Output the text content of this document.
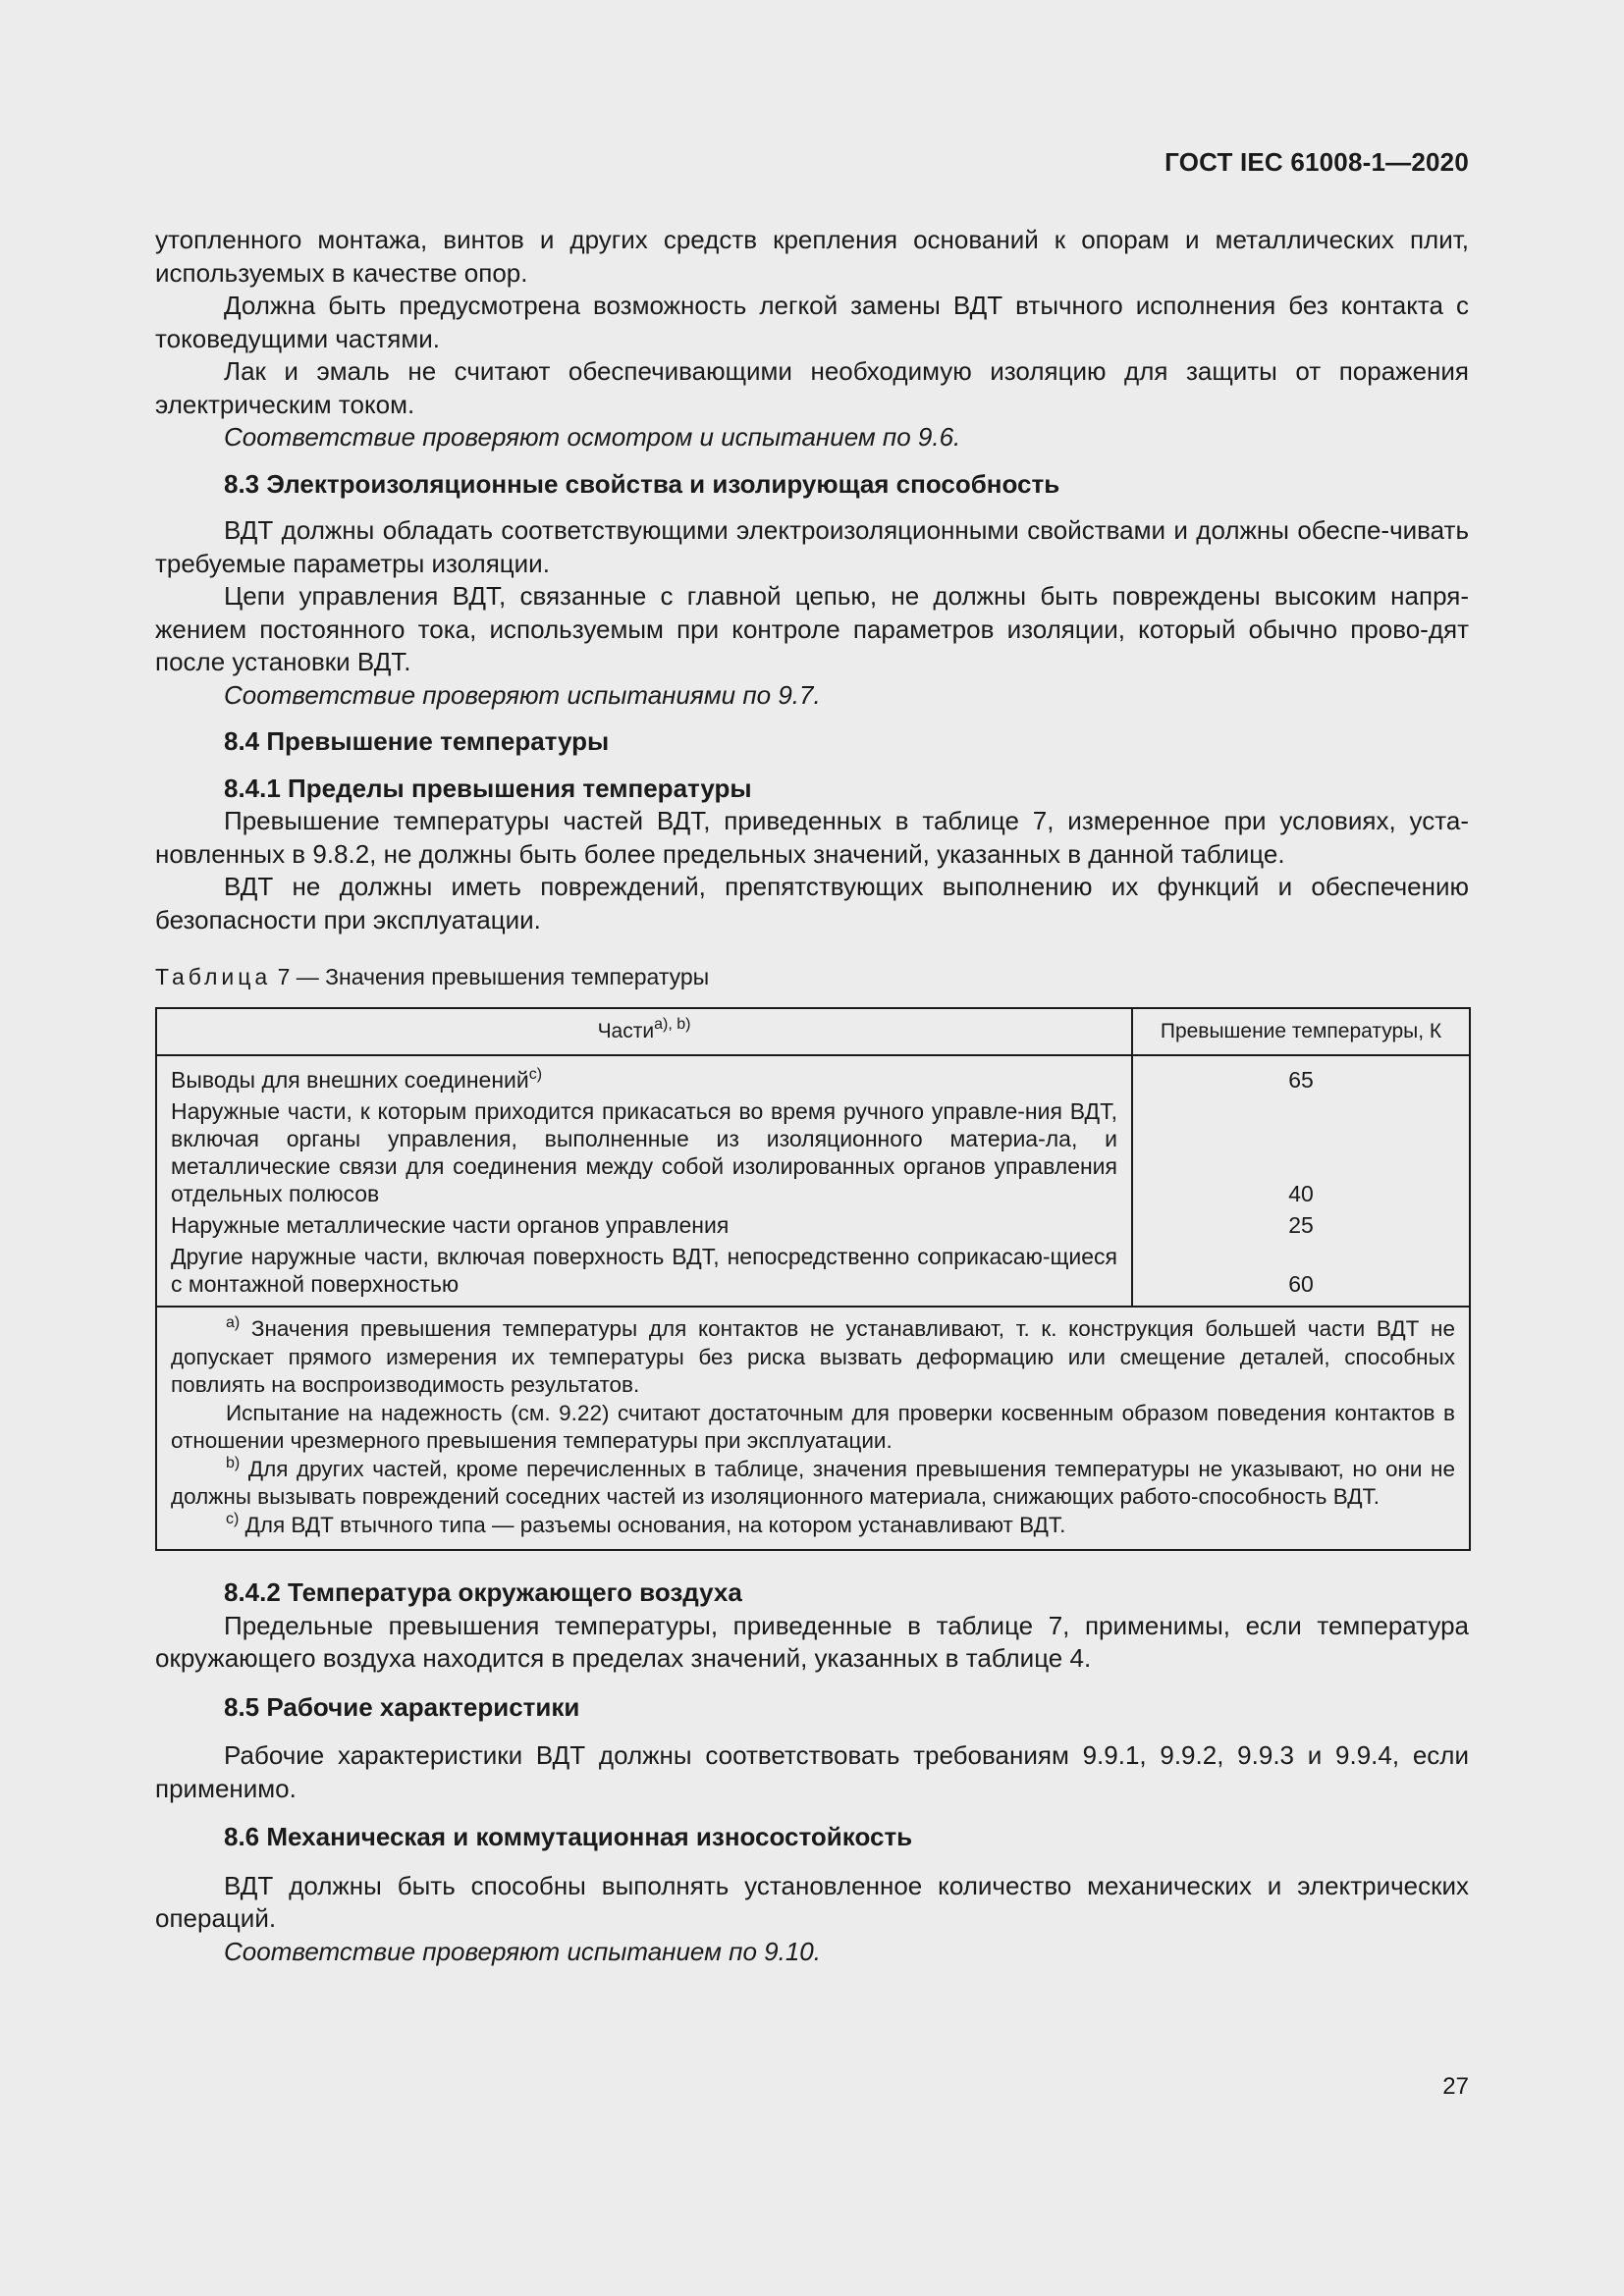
ГОСТ IEC 61008-1—2020

утопленного монтажа, винтов и других средств крепления оснований к опорам и металлических плит, используемых в качестве опор.

Должна быть предусмотрена возможность легкой замены ВДТ втычного исполнения без контакта с токоведущими частями.

Лак и эмаль не считают обеспечивающими необходимую изоляцию для защиты от поражения электрическим током.

Соответствие проверяют осмотром и испытанием по 9.6.

8.3 Электроизоляционные свойства и изолирующая способность

ВДТ должны обладать соответствующими электроизоляционными свойствами и должны обеспе-чивать требуемые параметры изоляции.

Цепи управления ВДТ, связанные с главной цепью, не должны быть повреждены высоким напря-жением постоянного тока, используемым при контроле параметров изоляции, который обычно прово-дят после установки ВДТ.

Соответствие проверяют испытаниями по 9.7.

8.4 Превышение температуры
8.4.1 Пределы превышения температуры

Превышение температуры частей ВДТ, приведенных в таблице 7, измеренное при условиях, уста-новленных в 9.8.2, не должны быть более предельных значений, указанных в данной таблице.

ВДТ не должны иметь повреждений, препятствующих выполнению их функций и обеспечению безопасности при эксплуатации.

Таблица 7 — Значения превышения температуры
Части$^{а), b)}$	Превышение температуры, К
Выводы для внешних соединений$^{с)}$	65
Наружные части, к которым приходится прикасаться во время ручного управле-ния ВДТ, включая органы управления, выполненные из изоляционного материа-ла, и металлические связи для соединения между собой изолированных органов управления отдельных полюсов	40
Наружные металлические части органов управления	25
Другие наружные части, включая поверхность ВДТ, непосредственно соприкасаю-щиеся с монтажной поверхностью	60

$^{а)}$ Значения превышения температуры для контактов не устанавливают, т. к. конструкция большей части ВДТ не допускает прямого измерения их температуры без риска вызвать деформацию или смещение деталей, способных повлиять на воспроизводимость результатов.

Испытание на надежность (см. 9.22) считают достаточным для проверки косвенным образом поведения контактов в отношении чрезмерного превышения температуры при эксплуатации.

$^{b)}$ Для других частей, кроме перечисленных в таблице, значения превышения температуры не указывают, но они не должны вызывать повреждений соседних частей из изоляционного материала, снижающих работо-способность ВДТ.

$^{с)}$ Для ВДТ втычного типа — разъемы основания, на котором устанавливают ВДТ.	

8.4.2 Температура окружающего воздуха

Предельные превышения температуры, приведенные в таблице 7, применимы, если температура окружающего воздуха находится в пределах значений, указанных в таблице 4.

8.5 Рабочие характеристики

Рабочие характеристики ВДТ должны соответствовать требованиям 9.9.1, 9.9.2, 9.9.3 и 9.9.4, если применимо.

8.6 Механическая и коммутационная износостойкость

ВДТ должны быть способны выполнять установленное количество механических и электрических операций.

Соответствие проверяют испытанием по 9.10.

27
